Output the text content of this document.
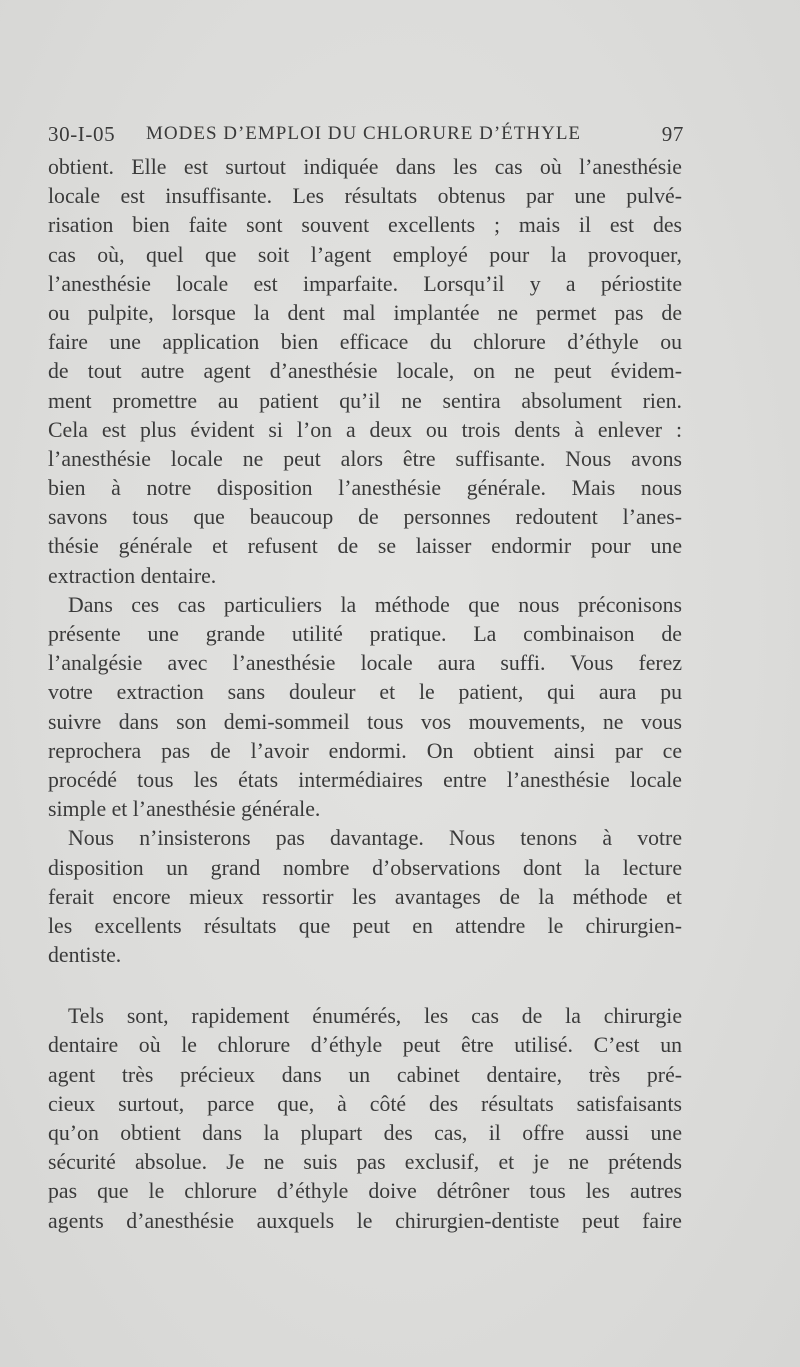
30-I-05 MODES D’EMPLOI DU CHLORURE D’ÉTHYLE	97
obtient. Elle est surtout indiquée dans les cas où l’anesthésie
locale est insuffisante. Les résultats obtenus par une pulvé-
risation bien faite sont souvent excellents ; mais il est des
cas où, quel que soit l’agent employé pour la provoquer,
l’anesthésie locale est imparfaite. Lorsqu’il y a périostite
ou pulpite, lorsque la dent mal implantée ne permet pas de
faire une application bien efficace du chlorure d’éthyle ou
de tout autre agent d’anesthésie locale, on ne peut évidem-
ment promettre au patient qu’il ne sentira absolument rien.
Cela est plus évident si l’on a deux ou trois dents à enlever :
l’anesthésie locale ne peut alors être suffisante. Nous avons
bien à notre disposition l’anesthésie générale. Mais nous
savons tous que beaucoup de personnes redoutent l’anes-
thésie générale et refusent de se laisser endormir pour une
extraction dentaire.
Dans ces cas particuliers la méthode que nous préconisons
présente une grande utilité pratique. La combinaison de
l’analgésie avec l’anesthésie locale aura suffi. Vous ferez
votre extraction sans douleur et le patient, qui aura pu
suivre dans son demi-sommeil tous vos mouvements, ne vous
reprochera pas de l’avoir endormi. On obtient ainsi par ce
procédé tous les états intermédiaires entre l’anesthésie locale
simple et l’anesthésie générale.
Nous n’insisterons pas davantage. Nous tenons à votre
disposition un grand nombre d’observations dont la lecture
ferait encore mieux ressortir les avantages de la méthode et
les excellents résultats que peut en attendre le chirurgien-
dentiste.
Tels sont, rapidement énumérés, les cas de la chirurgie
dentaire où le chlorure d’éthyle peut être utilisé. C’est un
agent très précieux dans un cabinet dentaire, très pré-
cieux surtout, parce que, à côté des résultats satisfaisants
qu’on obtient dans la plupart des cas, il offre aussi une
sécurité absolue. Je ne suis pas exclusif, et je ne prétends
pas que le chlorure d’éthyle doive détrôner tous les autres
agents d’anesthésie auxquels le chirurgien-dentiste peut faire
